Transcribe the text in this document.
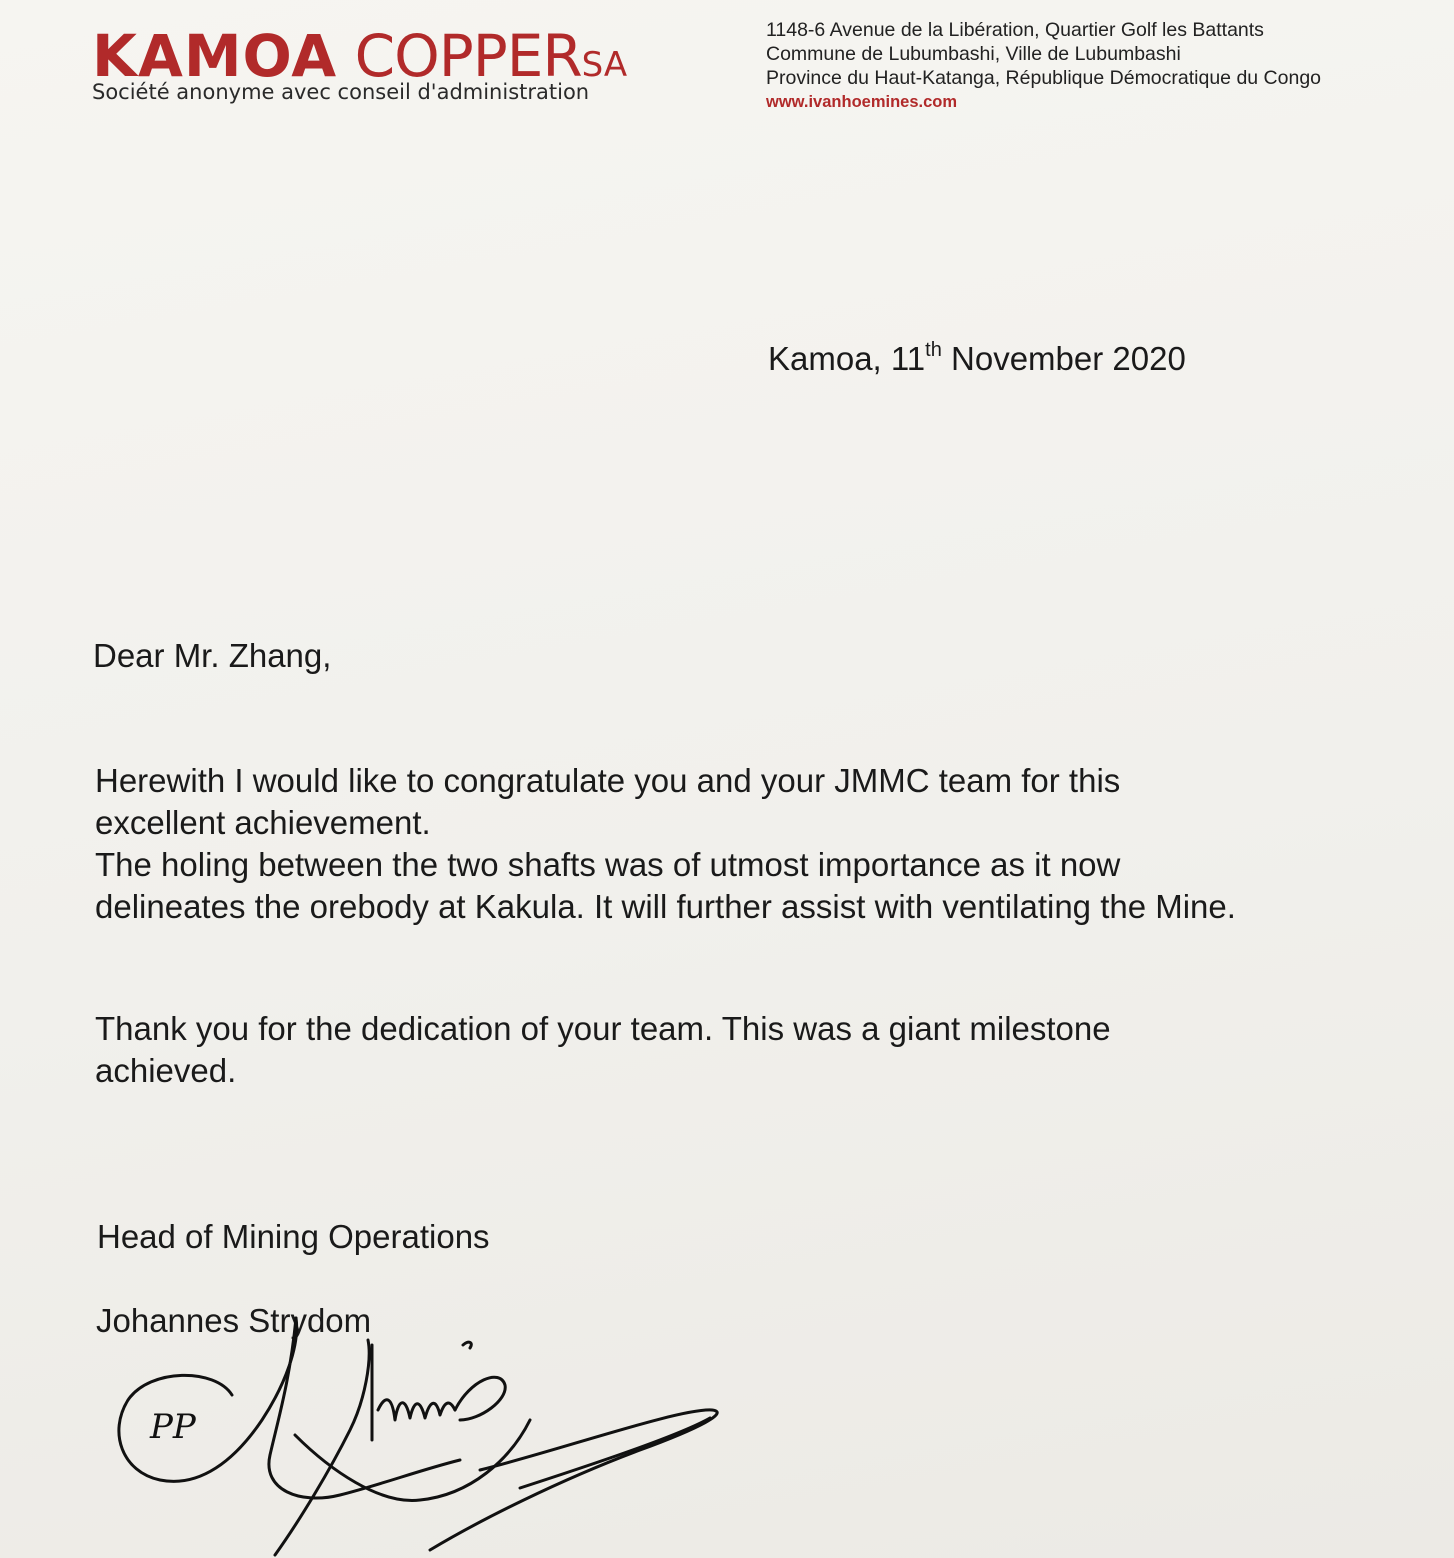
KAMOA COPPERSA
Société anonyme avec conseil d'administration
1148-6 Avenue de la Libération, Quartier Golf les Battants
Commune de Lubumbashi, Ville de Lubumbashi
Province du Haut-Katanga, République Démocratique du Congo
www.ivanhoemines.com
Kamoa, 11th November 2020
Dear Mr. Zhang,
Herewith I would like to congratulate you and your JMMC team for this
excellent achievement.
The holing between the two shafts was of utmost importance as it now
delineates the orebody at Kakula. It will further assist with ventilating the Mine.
Thank you for the dedication of your team. This was a giant milestone
achieved.
Head of Mining Operations
Johannes Strydom
PP
